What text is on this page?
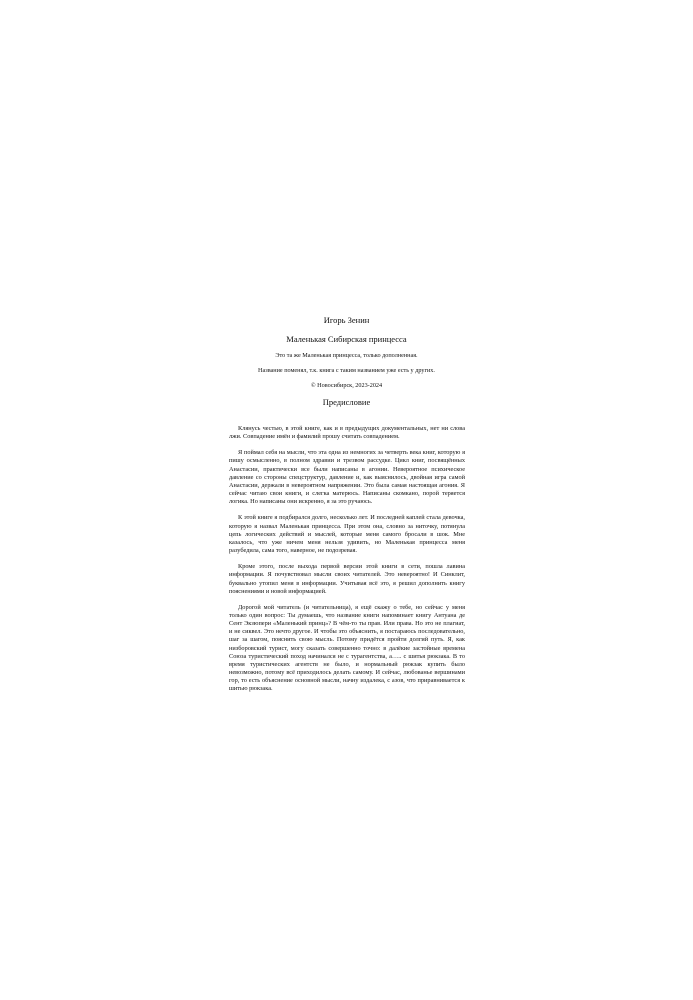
Игорь Зенин
Маленькая Сибирская принцесса
Это та же Маленькая принцесса, только дополненная.
Название поменял, т.к. книга с таким названием уже есть у других.
© Новосибирск, 2023-2024
Предисловие

Клянусь честью, в этой книге, как и в предыдущих документальных, нет ни слова лжи. Совпадение имён и фамилий прошу считать совпадением.

Я поймал себя на мысли, что эта одна из немногих за четверть века книг, которую я пишу осмысленно, в полном здравии и трезвом рассудке. Цикл книг, посвящённых Анастасии, практически все были написаны в агонии. Невероятное психическое давление со стороны спецструктур, давление и, как выяснилось, двойная игра самой Анастасии, держали в невероятном напряжении. Это была самая настоящая агония. Я сейчас читаю свои книги, и слегка матерюсь. Написаны скомкано, порой теряется логика. Но написаны они искренно, я за это ручаюсь.

К этой книге я подбирался долго, несколько лет. И последней каплей стала девочка, которую я назвал Маленькая принцесса. При этом она, словно за ниточку, потянула цепь логических действий и мыслей, которые меня самого бросали в шок. Мне казалось, что уже ничем меня нельзя удивить, но Маленькая принцесса меня разубедила, сама того, наверное, не подозревая.

Кроме этого, после выхода первой версии этой книги в сети, пошла лавина информации. Я почувствовал мысли своих читателей. Это невероятно! И Синклит, буквально утопил меня в информации. Учитывая всё это, я решил дополнить книгу пояснениями и новой информацией.

Дорогой мой читатель (и читательница), я ещё скажу о тебе, но сейчас у меня только один вопрос: Ты думаешь, что название книги напоминает книгу Антуана де Сент Экзюпери «Маленький принц»? В чём-то ты прав. Или права. Но это не плагиат, и не сиквел. Это нечто другое. И чтобы это объяснить, я постараюсь последовательно, шаг за шагом, пояснить свою мысль. Потому придётся пройти долгий путь. Я, как низборовский турист, могу сказать совершенно точно: в далёкие застойные времена Союза туристический поход начинался не с турагентства, а….. с шитья рюкзака. В то время туристических агентств не было, и нормальный рюкзак купить было невозможно, потому всё приходилось делать самому. И сейчас, любованье вершинами гор, то есть объяснение основной мысли, начну издалека, с азов, что приравнивается к шитью рюкзака.
